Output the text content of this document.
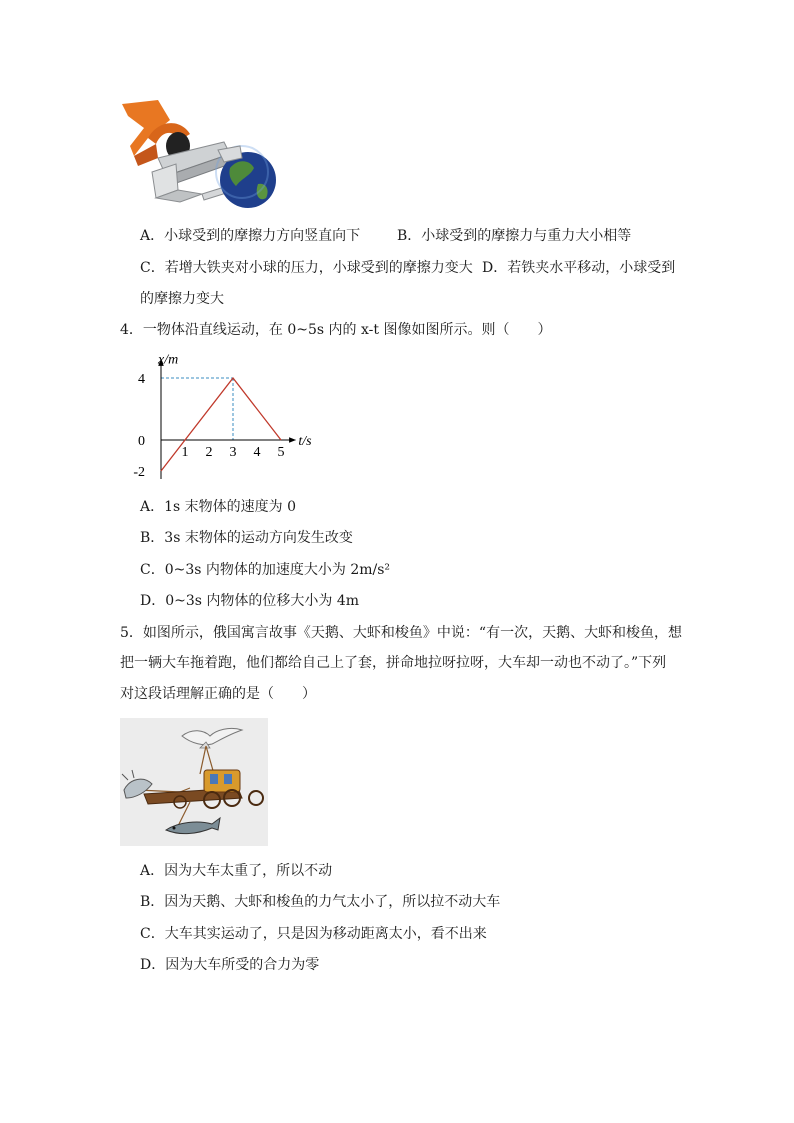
A．小球受到的摩擦力方向竖直向下	B．小球受到的摩擦力与重力大小相等
C．若增大铁夹对小球的压力，小球受到的摩擦力变大 D．若铁夹水平移动，小球受到
的摩擦力变大
4．一物体沿直线运动，在 0~5s 内的 x-t 图像如图所示。则（　　）
1 2 3 4 5
4
0
-2
x/m
t/s
A．1s 末物体的速度为 0
B．3s 末物体的运动方向发生改变
C．0~3s 内物体的加速度大小为 2m/s²
D．0~3s 内物体的位移大小为 4m
5．如图所示，俄国寓言故事《天鹅、大虾和梭鱼》中说：“有一次，天鹅、大虾和梭鱼，想
把一辆大车拖着跑，他们都给自己上了套，拼命地拉呀拉呀，大车却一动也不动了。”下列
对这段话理解正确的是（　　）
A．因为大车太重了，所以不动
B．因为天鹅、大虾和梭鱼的力气太小了，所以拉不动大车
C．大车其实运动了，只是因为移动距离太小，看不出来
D．因为大车所受的合力为零
